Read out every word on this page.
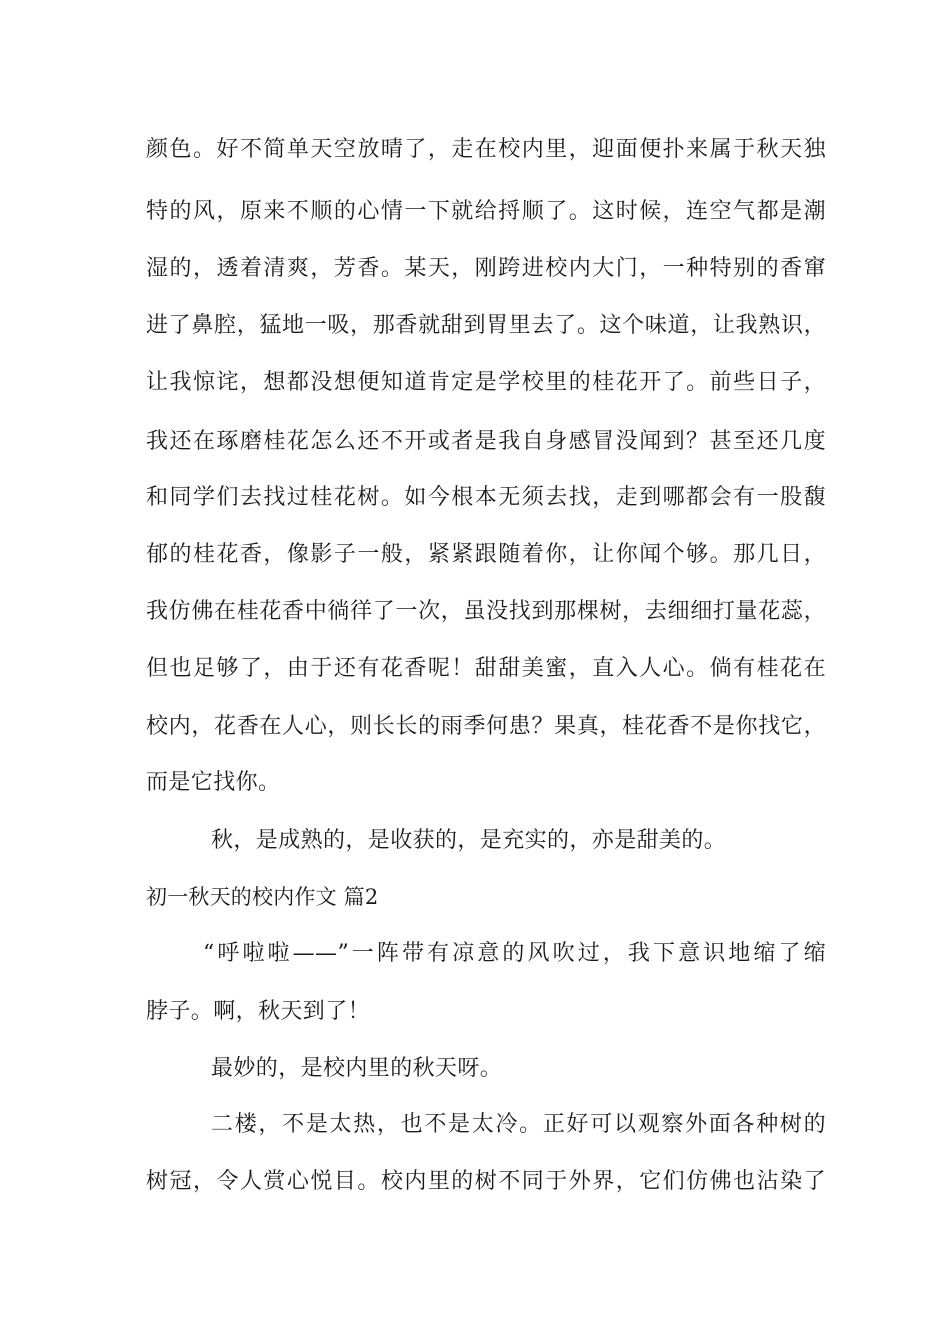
颜色。好不简单天空放晴了，走在校内里，迎面便扑来属于秋天独
特的风，原来不顺的心情一下就给捋顺了。这时候，连空气都是潮
湿的，透着清爽，芳香。某天，刚跨进校内大门，一种特别的香窜
进了鼻腔，猛地一吸，那香就甜到胃里去了。这个味道，让我熟识，
让我惊诧，想都没想便知道肯定是学校里的桂花开了。前些日子，
我还在琢磨桂花怎么还不开或者是我自身感冒没闻到？甚至还几度
和同学们去找过桂花树。如今根本无须去找，走到哪都会有一股馥
郁的桂花香，像影子一般，紧紧跟随着你，让你闻个够。那几日，
我仿佛在桂花香中徜徉了一次，虽没找到那棵树，去细细打量花蕊，
但也足够了，由于还有花香呢！甜甜美蜜，直入人心。倘有桂花在
校内，花香在人心，则长长的雨季何患？果真，桂花香不是你找它，
而是它找你。
秋，是成熟的，是收获的，是充实的，亦是甜美的。
初一秋天的校内作文 篇2
“呼啦啦——”一阵带有凉意的风吹过，我下意识地缩了缩
脖子。啊，秋天到了！
最妙的，是校内里的秋天呀。
二楼，不是太热，也不是太冷。正好可以观察外面各种树的
树冠，令人赏心悦目。校内里的树不同于外界，它们仿佛也沾染了
